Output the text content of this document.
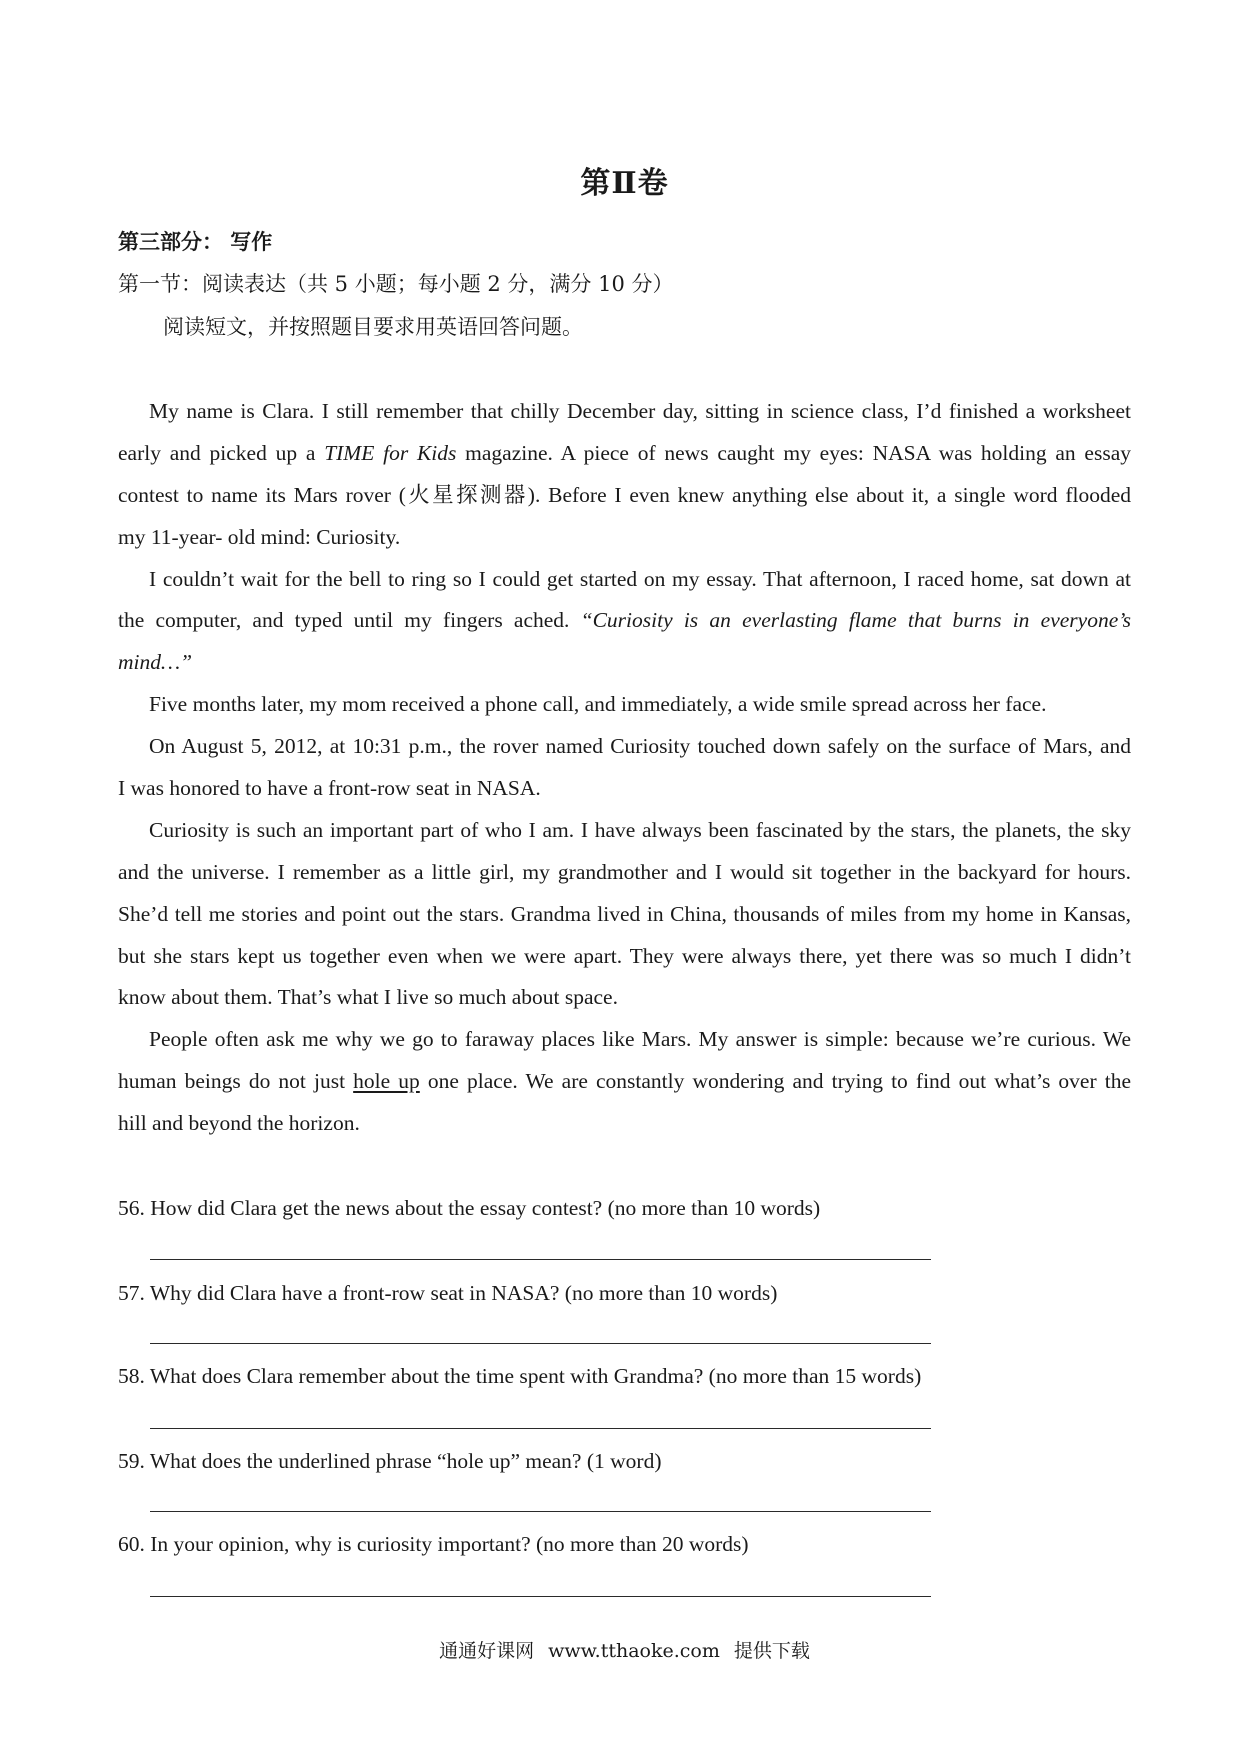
第Ⅱ卷
第三部分： 写作
第一节：阅读表达（共 5 小题；每小题 2 分，满分 10 分）
阅读短文，并按照题目要求用英语回答问题。
My name is Clara. I still remember that chilly December day, sitting in science class, I’d finished a worksheet
early and picked up a TIME for Kids magazine. A piece of news caught my eyes: NASA was holding an essay
contest to name its Mars rover (火星探测器). Before I even knew anything else about it, a single word flooded
my 11-year- old mind: Curiosity.
I couldn’t wait for the bell to ring so I could get started on my essay. That afternoon, I raced home, sat down at
the computer, and typed until my fingers ached. “Curiosity is an everlasting flame that burns in everyone’s
mind…”
Five months later, my mom received a phone call, and immediately, a wide smile spread across her face.
On August 5, 2012, at 10:31 p.m., the rover named Curiosity touched down safely on the surface of Mars, and
I was honored to have a front-row seat in NASA.
Curiosity is such an important part of who I am. I have always been fascinated by the stars, the planets, the sky
and the universe. I remember as a little girl, my grandmother and I would sit together in the backyard for hours.
She’d tell me stories and point out the stars. Grandma lived in China, thousands of miles from my home in Kansas,
but she stars kept us together even when we were apart. They were always there, yet there was so much I didn’t
know about them. That’s what I live so much about space.
People often ask me why we go to faraway places like Mars. My answer is simple: because we’re curious. We
human beings do not just hole up one place. We are constantly wondering and trying to find out what’s over the
hill and beyond the horizon.
56. How did Clara get the news about the essay contest? (no more than 10 words)
57. Why did Clara have a front-row seat in NASA? (no more than 10 words)
58. What does Clara remember about the time spent with Grandma? (no more than 15 words)
59. What does the underlined phrase “hole up” mean? (1 word)
60. In your opinion, why is curiosity important? (no more than 20 words)
通通好课网 www.tthaoke.com 提供下载
